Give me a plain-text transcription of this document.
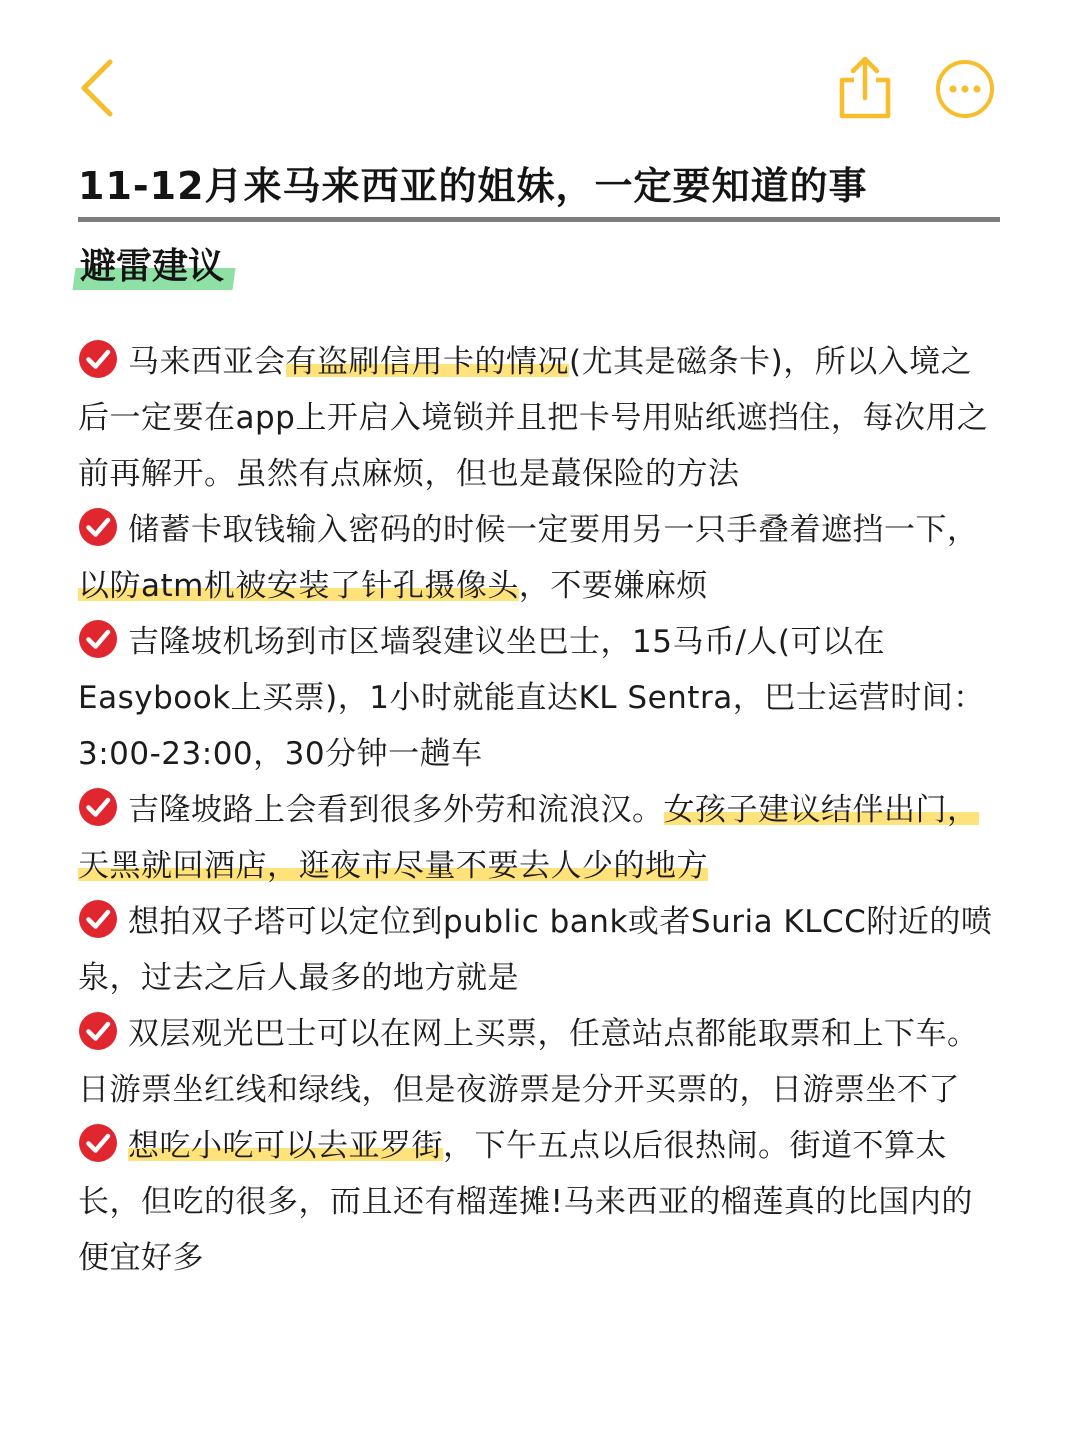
11-12月来马来西亚的姐妹，一定要知道的事
避雷建议
马来西亚会有盗刷信用卡的情况(尤其是磁条卡)，所以入境之后一定要在app上开启入境锁并且把卡号用贴纸遮挡住，每次用之前再解开。虽然有点麻烦，但也是蕞保险的方法
储蓄卡取钱输入密码的时候一定要用另一只手叠着遮挡一下，以防atm机被安装了针孔摄像头，不要嫌麻烦
吉隆坡机场到市区墙裂建议坐巴士，15马币/人(可以在Easybook上买票)，1小时就能直达KL Sentra，巴士运营时间：3:00-23:00，30分钟一趟车
吉隆坡路上会看到很多外劳和流浪汉。女孩子建议结伴出门，天黑就回酒店，逛夜市尽量不要去人少的地方
想拍双子塔可以定位到public bank或者Suria KLCC附近的喷泉，过去之后人最多的地方就是
双层观光巴士可以在网上买票，任意站点都能取票和上下车。日游票坐红线和绿线，但是夜游票是分开买票的，日游票坐不了
想吃小吃可以去亚罗街，下午五点以后很热闹。街道不算太长，但吃的很多，而且还有榴莲摊!马来西亚的榴莲真的比国内的便宜好多
